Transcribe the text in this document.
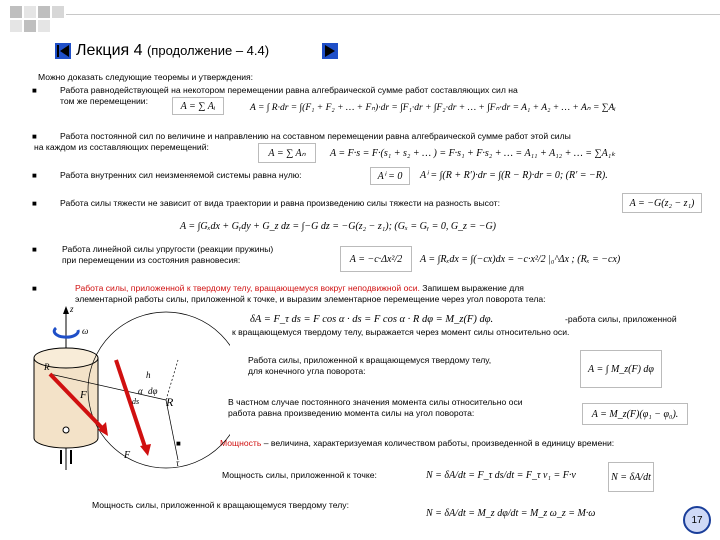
Лекция 4 (продолжение – 4.4)
Можно доказать следующие теоремы и утверждения:
■	Работа равнодействующей на некотором перемещении равна алгебраической сумме работ составляющих сил на
том же перемещении:	A = ∑ Aᵢ	A = ∫ R·dr = ∫(F₁ + F₂ + … + Fₙ)·dr = ∫F₁·dr + ∫F₂·dr + … + ∫Fₙ·dr = A₁ + A₂ + … + Aₙ = ∑Aᵢ
■	Работа постоянной сил по величине и направлению на составном перемещении равна алгебраической сумме работ этой силы
на каждом из составляющих перемещений:
A = ∑ Aₙ	A = F·s = F·(s₁ + s₂ + … ) = F·s₁ + F·s₂ + … = A₁₁ + A₁₂ + … = ∑A₁ₖ
■	Работа внутренних сил неизменяемой системы равна нулю:	Aⁱ = 0	Aⁱ = ∫(R + R′)·dr = ∫(R − R)·dr = 0; (R′ = −R).
■	Работа силы тяжести не зависит от вида траектории и равна произведению силы тяжести на разность высот:	A = −G(z₂ − z₁)
A = ∫Gₓdx + Gᵧdy + G_z dz = ∫−G dz = −G(z₂ − z₁); (Gₓ = Gᵧ = 0, G_z = −G)
■	Работа линейной силы упругости (реакции пружины)
при перемещении из состояния равновесия:	A = −c·Δx²/2	A = ∫Rₓdx = ∫(−cx)dx = −c·x²/2 |₀^Δx ; (Rₓ = −cx)
■	Работа силы, приложенной к твердому телу, вращающемуся вокруг неподвижной оси. Запишем выражение для
элементарной работы силы, приложенной к точке, и выразим элементарное перемещение через угол поворота тела:
δA = F_τ ds = F cos α · ds = F cos α · R dφ = M_z(F) dφ.	-работа силы, приложенной
к вращающемуся твердому телу, выражается через момент силы относительно оси.
Работа силы, приложенной к вращающемуся твердому телу,
для конечного угла поворота:	A = ∫ M_z(F) dφ
В частном случае постоянного значения момента силы относительно оси
работа равна произведению момента силы на угол поворота:	A = M_z(F)(φ₁ − φ₀).
■	Мощность – величина, характеризуемая количеством работы, произведенной в единицу времени:
Мощность силы, приложенной к точке:	N = δA/dt = F_τ ds/dt = F_τ v₁ = F·v	N = δA/dt
Мощность силы, приложенной к вращающемуся твердому телу:
N = δA/dt = M_z dφ/dt = M_z ω_z = M·ω
z
ω
R
h
α dφ
ds
F	R
F
τ
17
